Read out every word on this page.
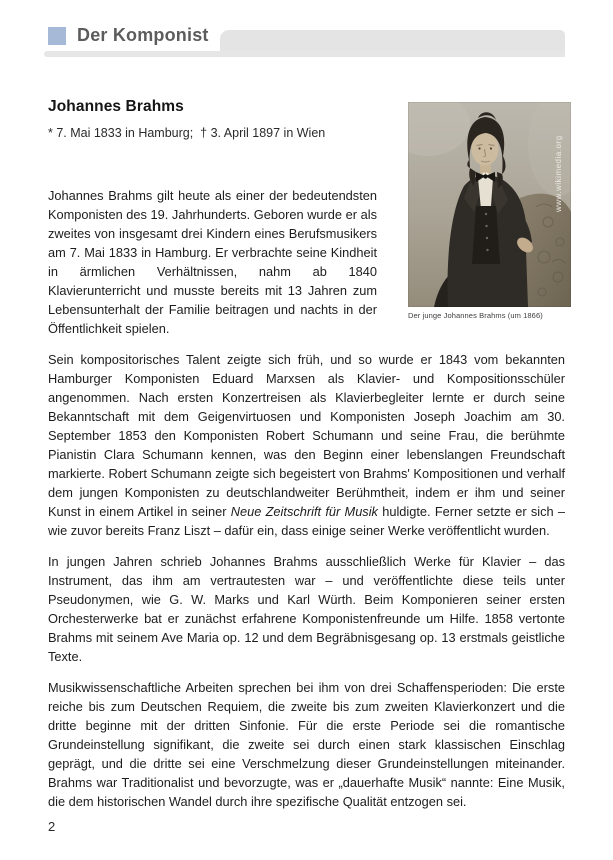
Der Komponist
Johannes Brahms
* 7. Mai 1833 in Hamburg;  † 3. April 1897 in Wien

Johannes Brahms gilt heute als einer der bedeutendsten Komponisten des 19. Jahrhunderts. Geboren wurde er als zweites von insgesamt drei Kindern eines Berufsmusikers am 7. Mai 1833 in Hamburg. Er verbrachte seine Kindheit in ärmlichen Verhältnissen, nahm ab 1840 Klavierunterricht und musste bereits mit 13 Jahren zum Lebensunterhalt der Familie beitragen und nachts in der Öffentlichkeit spielen.

www.wikimedia.org
Der junge Johannes Brahms (um 1866)

Sein kompositorisches Talent zeigte sich früh, und so wurde er 1843 vom bekannten Hamburger Komponisten Eduard Marxsen als Klavier- und Kompositionsschüler angenommen. Nach ersten Konzertreisen als Klavierbegleiter lernte er durch seine Bekanntschaft mit dem Geigenvirtuosen und Komponisten Joseph Joachim am 30. September 1853 den Komponisten Robert Schumann und seine Frau, die berühmte Pianistin Clara Schumann kennen, was den Beginn einer lebenslangen Freundschaft markierte. Robert Schumann zeigte sich begeistert von Brahms' Kompositionen und verhalf dem jungen Komponisten zu deutschlandweiter Berühmtheit, indem er ihm und seiner Kunst in einem Artikel in seiner Neue Zeitschrift für Musik huldigte. Ferner setzte er sich – wie zuvor bereits Franz Liszt – dafür ein, dass einige seiner Werke veröffentlicht wurden.

In jungen Jahren schrieb Johannes Brahms ausschließlich Werke für Klavier – das Instrument, das ihm am vertrautesten war – und veröffentlichte diese teils unter Pseudonymen, wie G. W. Marks und Karl Würth. Beim Komponieren seiner ersten Orchesterwerke bat er zunächst erfahrene Komponistenfreunde um Hilfe. 1858 vertonte Brahms mit seinem Ave Maria op. 12 und dem Begräbnisgesang op. 13 erstmals geistliche Texte.

Musikwissenschaftliche Arbeiten sprechen bei ihm von drei Schaffensperioden: Die erste reiche bis zum Deutschen Requiem, die zweite bis zum zweiten Klavierkonzert und die dritte beginne mit der dritten Sinfonie. Für die erste Periode sei die romantische Grundeinstellung signifikant, die zweite sei durch einen stark klassischen Einschlag geprägt, und die dritte sei eine Verschmelzung dieser Grundeinstellungen miteinander. Brahms war Traditionalist und bevorzugte, was er „dauerhafte Musik“ nannte: Eine Musik, die dem historischen Wandel durch ihre spezifische Qualität entzogen sei.

2
